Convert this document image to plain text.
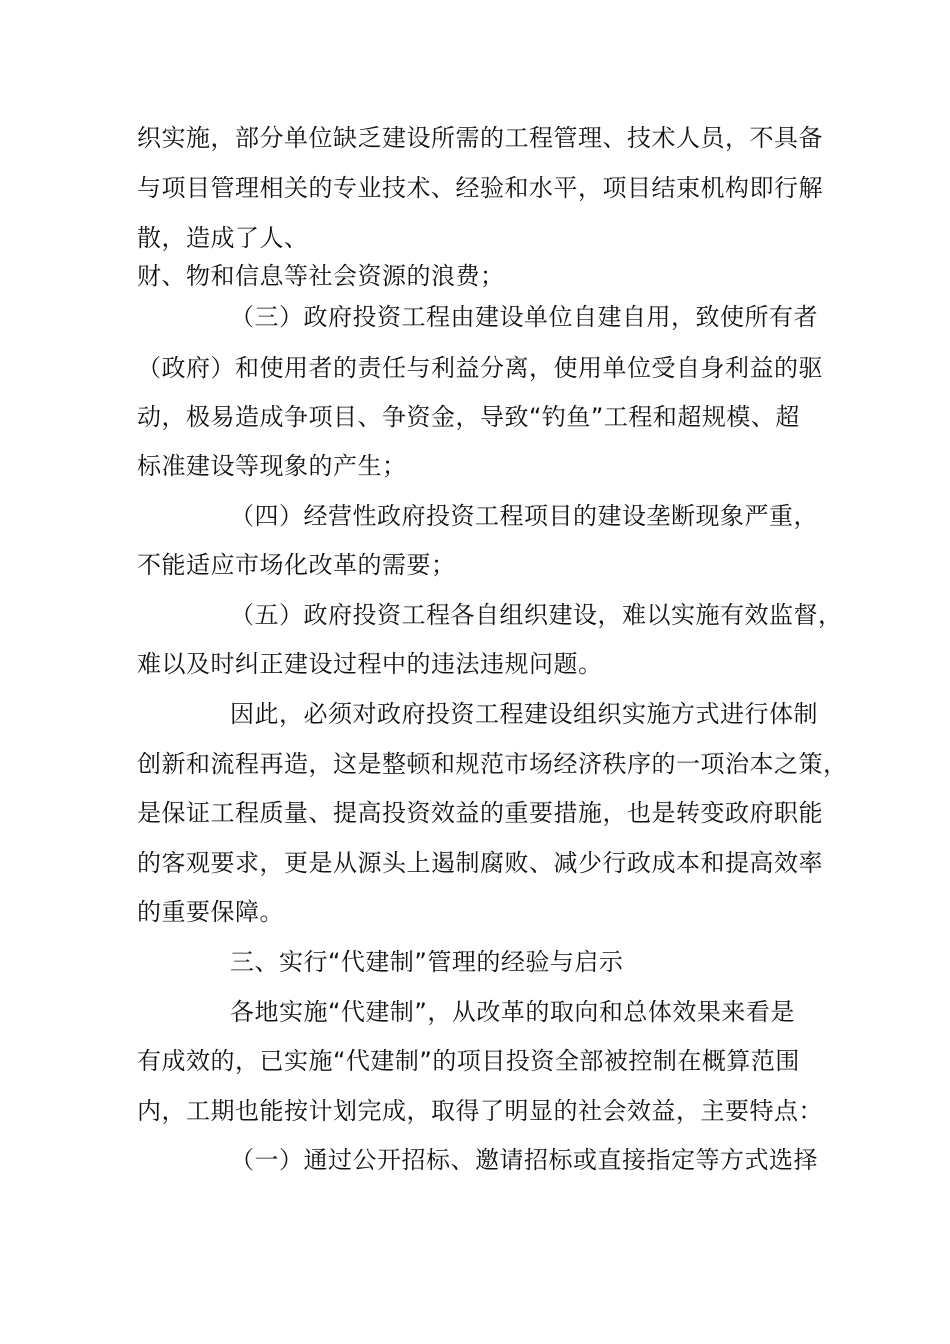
织实施，部分单位缺乏建设所需的工程管理、技术人员，不具备
与项目管理相关的专业技术、经验和水平，项目结束机构即行解
散，造成了人、
财、物和信息等社会资源的浪费；
（三）政府投资工程由建设单位自建自用，致使所有者
（政府）和使用者的责任与利益分离，使用单位受自身利益的驱
动，极易造成争项目、争资金，导致“钓鱼”工程和超规模、超
标准建设等现象的产生；
（四）经营性政府投资工程项目的建设垄断现象严重，
不能适应市场化改革的需要；
（五）政府投资工程各自组织建设，难以实施有效监督，
难以及时纠正建设过程中的违法违规问题。
因此，必须对政府投资工程建设组织实施方式进行体制
创新和流程再造，这是整顿和规范市场经济秩序的一项治本之策，
是保证工程质量、提高投资效益的重要措施，也是转变政府职能
的客观要求，更是从源头上遏制腐败、减少行政成本和提高效率
的重要保障。
三、实行“代建制”管理的经验与启示
各地实施“代建制”，从改革的取向和总体效果来看是
有成效的，已实施“代建制”的项目投资全部被控制在概算范围
内，工期也能按计划完成，取得了明显的社会效益，主要特点：
（一）通过公开招标、邀请招标或直接指定等方式选择
